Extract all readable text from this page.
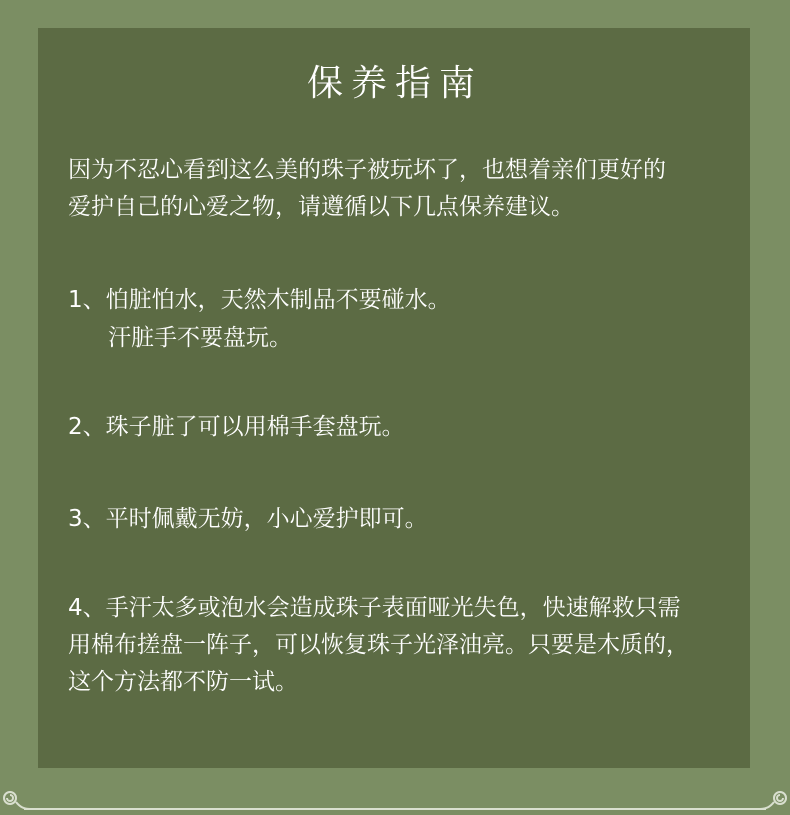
保养指南
因为不忍心看到这么美的珠子被玩坏了，也想着亲们更好的
爱护自己的心爱之物，请遵循以下几点保养建议。
1、怕脏怕水，天然木制品不要碰水。
汗脏手不要盘玩。
2、珠子脏了可以用棉手套盘玩。
3、平时佩戴无妨，小心爱护即可。
4、手汗太多或泡水会造成珠子表面哑光失色，快速解救只需
用棉布搓盘一阵子，可以恢复珠子光泽油亮。只要是木质的，
这个方法都不防一试。
